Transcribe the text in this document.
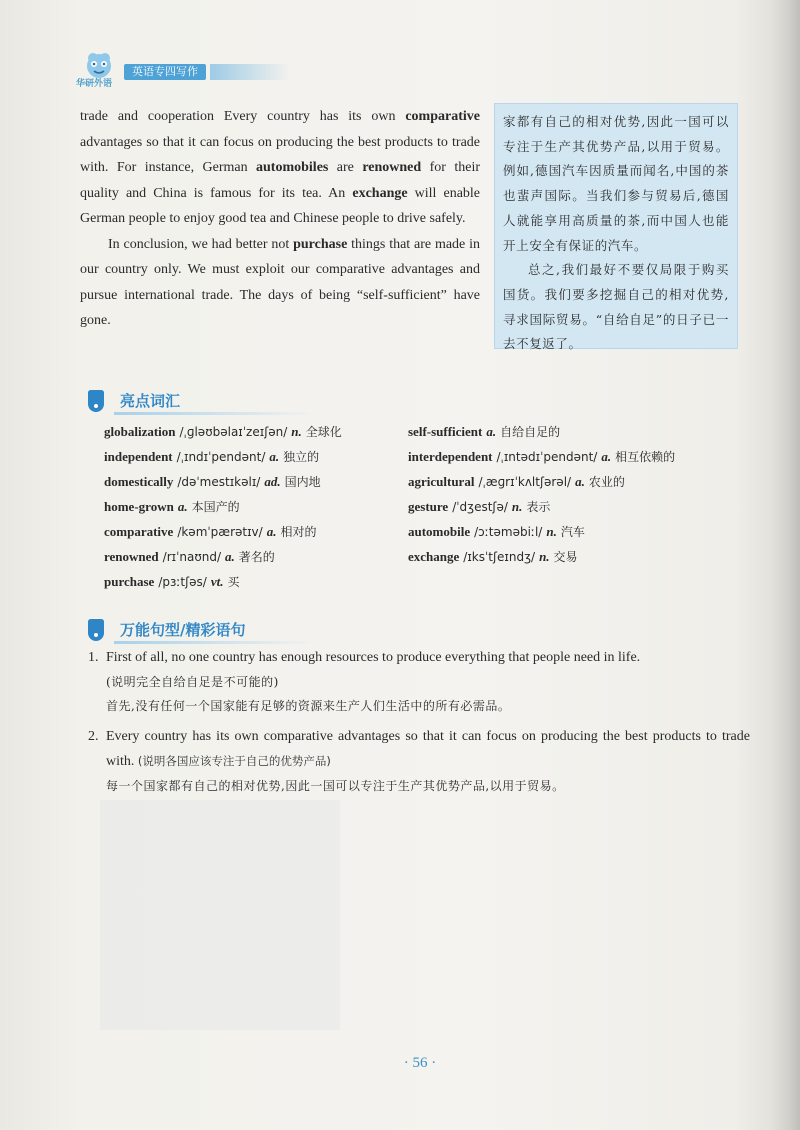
华研外语
英语专四写作

trade and cooperation Every country has its own comparative advantages so that it can focus on producing the best products to trade with. For instance, German automobiles are renowned for their quality and China is famous for its tea. An exchange will enable German people to enjoy good tea and Chinese people to drive safely.

In conclusion, we had better not purchase things that are made in our country only. We must exploit our comparative advantages and pursue international trade. The days of being “self-sufficient” have gone.

家都有自己的相对优势,因此一国可以专注于生产其优势产品,以用于贸易。例如,德国汽车因质量而闻名,中国的茶也蜚声国际。当我们参与贸易后,德国人就能享用高质量的茶,而中国人也能开上安全有保证的汽车。

总之,我们最好不要仅局限于购买国货。我们要多挖掘自己的相对优势,寻求国际贸易。“自给自足”的日子已一去不复返了。

亮点词汇
globalization /ˌɡləʊbəlaɪˈzeɪʃən/ n. 全球化
independent /ˌɪndɪˈpendənt/ a. 独立的
domestically /dəˈmestɪkəlɪ/ ad. 国内地
home-grown a. 本国产的
comparative /kəmˈpærətɪv/ a. 相对的
renowned /rɪˈnaʊnd/ a. 著名的
purchase /pɜːtʃəs/ vt. 买
self-sufficient a. 自给自足的
interdependent /ˌɪntədɪˈpendənt/ a. 相互依赖的
agricultural /ˌæɡrɪˈkʌltʃərəl/ a. 农业的
gesture /ˈdʒestʃə/ n. 表示
automobile /ɔːtəməbiːl/ n. 汽车
exchange /ɪksˈtʃeɪndʒ/ n. 交易
万能句型/精彩语句
1. First of all, no one country has enough resources to produce everything that people need in life.
(说明完全自给自足是不可能的)
首先,没有任何一个国家能有足够的资源来生产人们生活中的所有必需品。
2. Every country has its own comparative advantages so that it can focus on producing the best products to trade with. (说明各国应该专注于自己的优势产品)
每一个国家都有自己的相对优势,因此一国可以专注于生产其优势产品,以用于贸易。
· 56 ·
